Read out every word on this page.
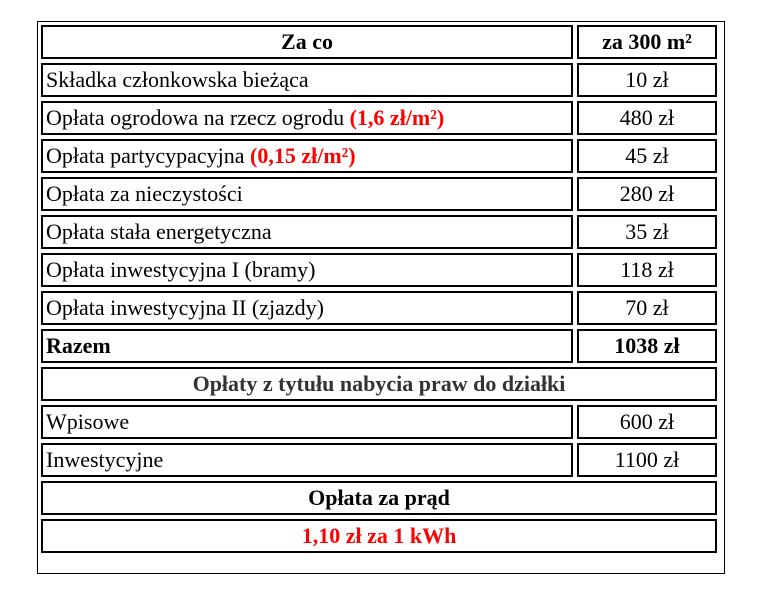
Za co	za 300 m²
Składka członkowska bieżąca	10 zł
Opłata ogrodowa na rzecz ogrodu (1,6 zł/m²)	480 zł
Opłata partycypacyjna (0,15 zł/m²)	45 zł
Opłata za nieczystości	280 zł
Opłata stała energetyczna	35 zł
Opłata inwestycyjna I (bramy)	118 zł
Opłata inwestycyjna II (zjazdy)	70 zł
Razem	1038 zł
Opłaty z tytułu nabycia praw do działki	
Wpisowe	600 zł
Inwestycyjne	1100 zł
Opłata za prąd	
1,10 zł za 1 kWh	
